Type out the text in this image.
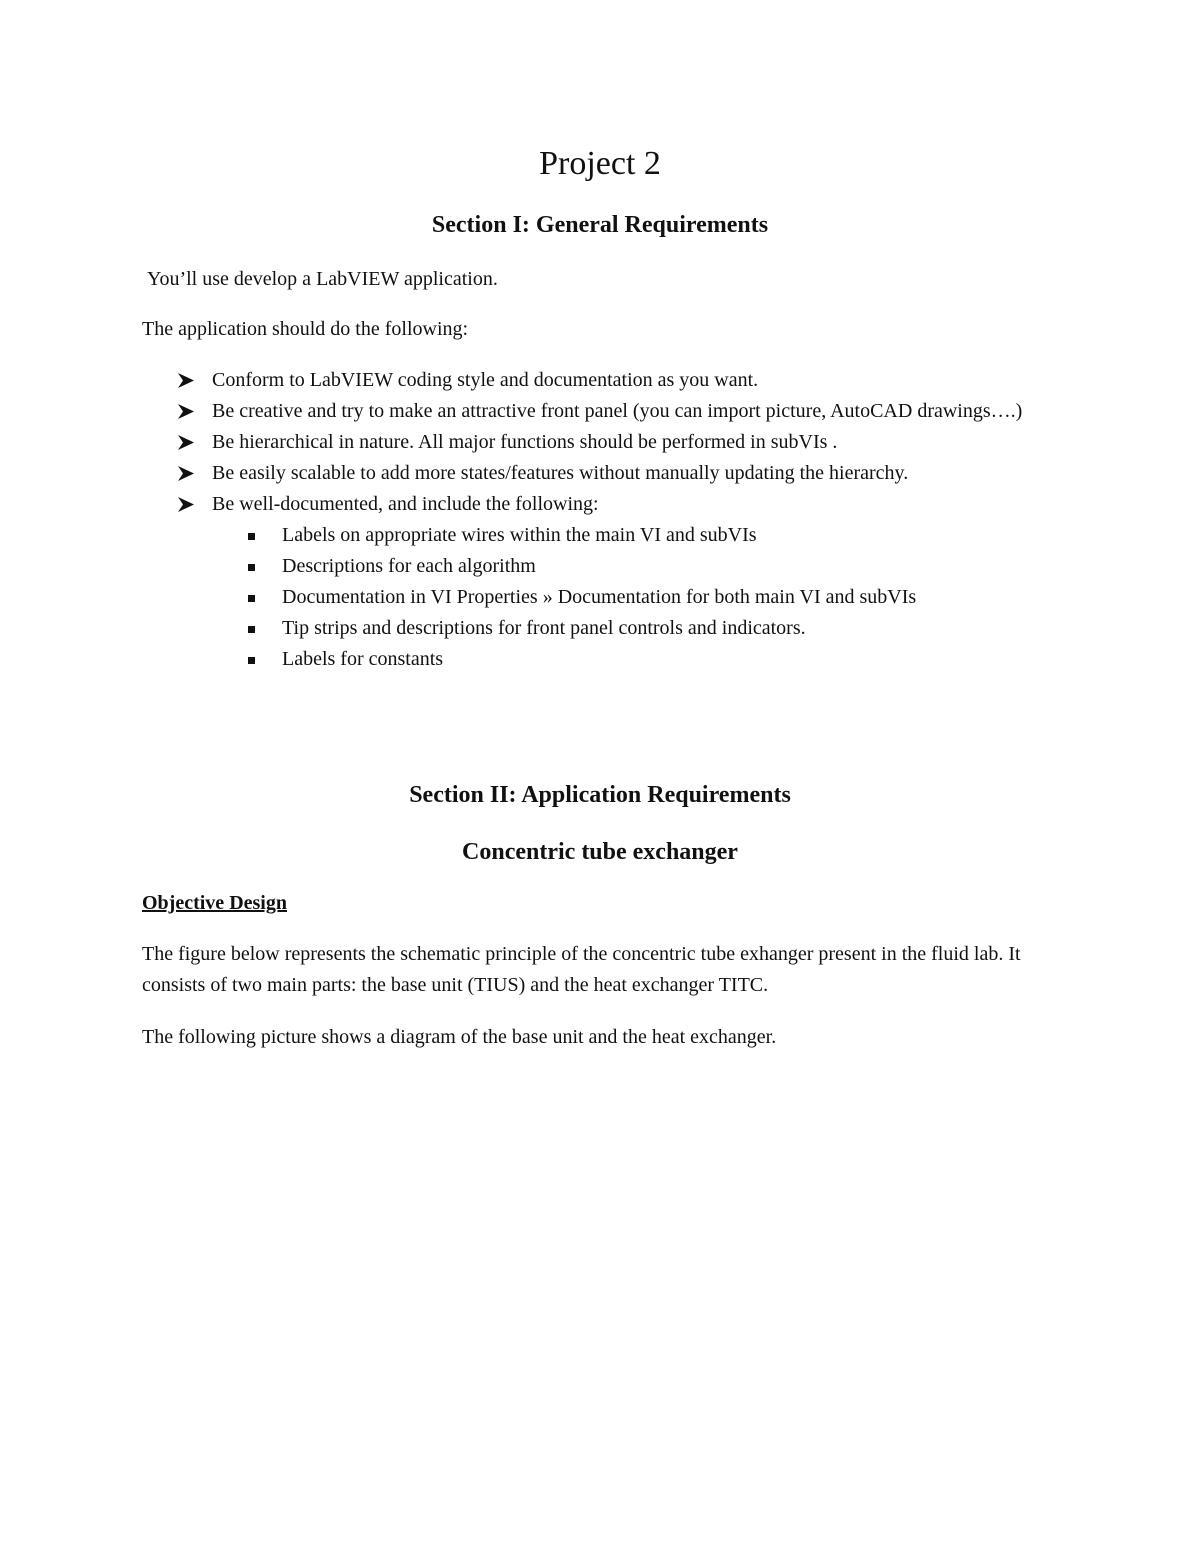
Project 2
Section I: General Requirements
You’ll use develop a LabVIEW application.
The application should do the following:
Conform to LabVIEW coding style and documentation as you want.
Be creative and try to make an attractive front panel (you can import picture, AutoCAD drawings….)
Be hierarchical in nature. All major functions should be performed in subVIs .
Be easily scalable to add more states/features without manually updating the hierarchy.
Be well-documented, and include the following:
Labels on appropriate wires within the main VI and subVIs
Descriptions for each algorithm
Documentation in VI Properties » Documentation for both main VI and subVIs
Tip strips and descriptions for front panel controls and indicators.
Labels for constants
Section II: Application Requirements
Concentric tube exchanger
Objective Design
The figure below represents the schematic principle of the concentric tube exhanger present in the fluid lab. It consists of two main parts: the base unit (TIUS) and the heat exchanger TITC.
The following picture shows a diagram of the base unit and the heat exchanger.
